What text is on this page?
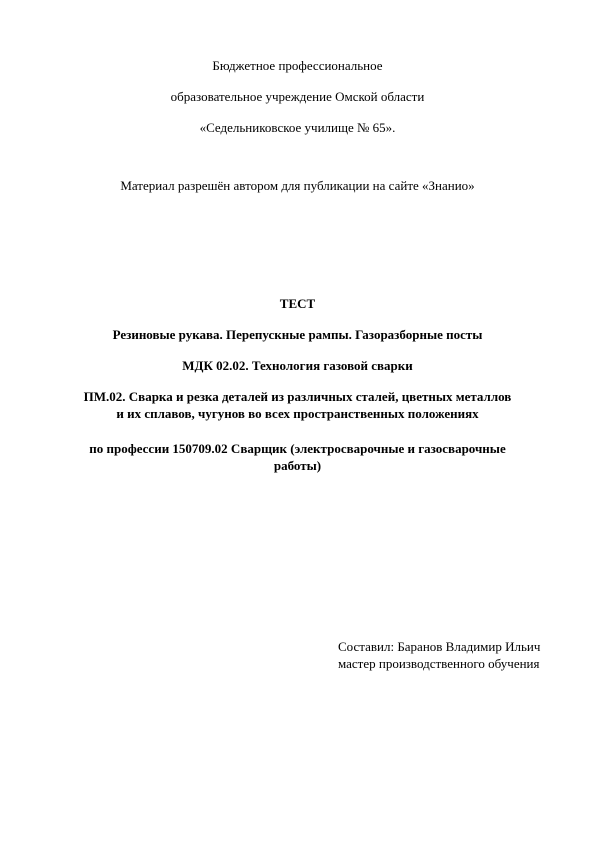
Бюджетное профессиональное
образовательное учреждение Омской области
«Седельниковское училище № 65».
Материал разрешён автором для публикации на сайте «Знанио»
ТЕСТ
Резиновые рукава. Перепускные рампы. Газоразборные посты
МДК 02.02. Технология газовой сварки
ПМ.02. Сварка и резка деталей из различных сталей, цветных металлов
и их сплавов, чугунов во всех пространственных положениях
по профессии 150709.02 Сварщик (электросварочные и газосварочные
работы)
Составил: Баранов Владимир Ильич
мастер производственного обучения
